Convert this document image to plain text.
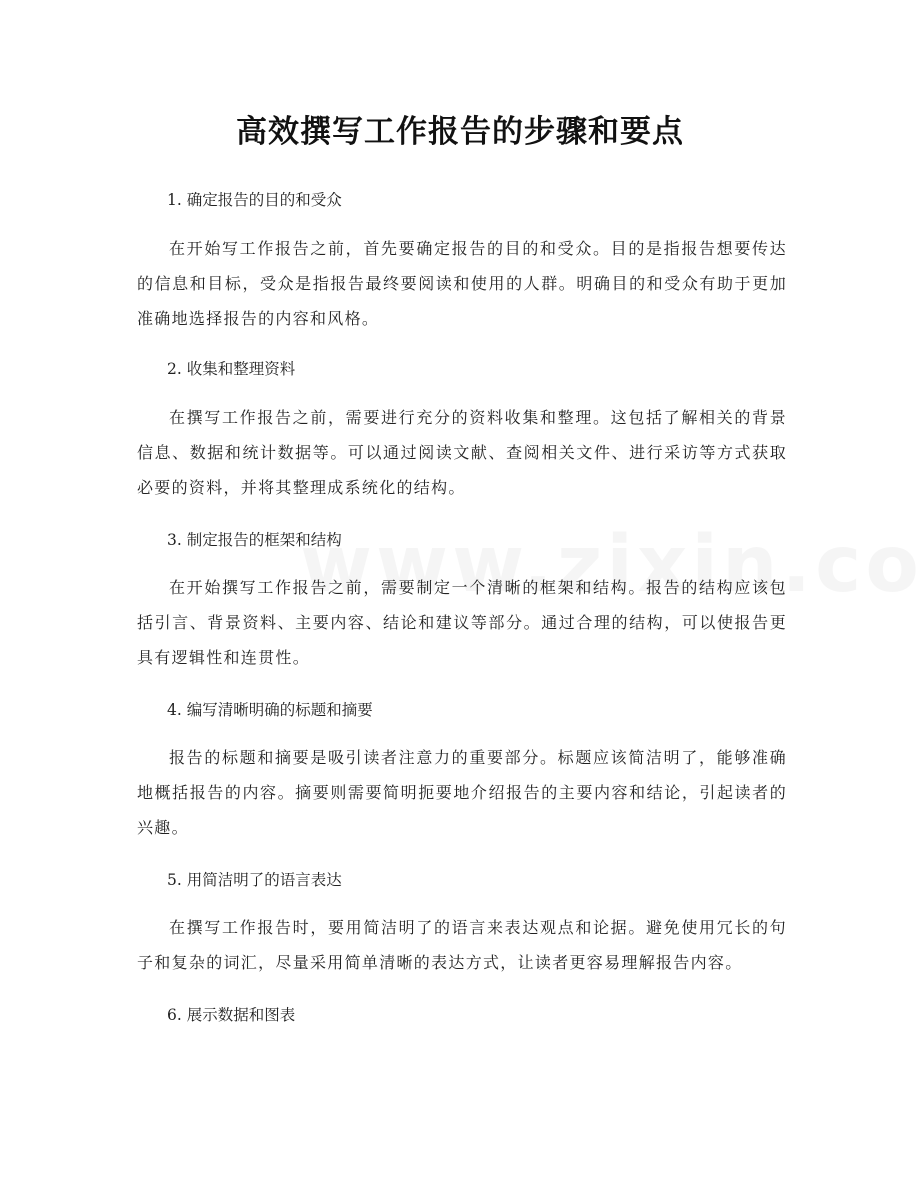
高效撰写工作报告的步骤和要点
1. 确定报告的目的和受众

在开始写工作报告之前，首先要确定报告的目的和受众。目的是指报告想要传达的信息和目标，受众是指报告最终要阅读和使用的人群。明确目的和受众有助于更加准确地选择报告的内容和风格。

2. 收集和整理资料

在撰写工作报告之前，需要进行充分的资料收集和整理。这包括了解相关的背景信息、数据和统计数据等。可以通过阅读文献、查阅相关文件、进行采访等方式获取必要的资料，并将其整理成系统化的结构。

3. 制定报告的框架和结构

在开始撰写工作报告之前，需要制定一个清晰的框架和结构。报告的结构应该包括引言、背景资料、主要内容、结论和建议等部分。通过合理的结构，可以使报告更具有逻辑性和连贯性。

4. 编写清晰明确的标题和摘要

报告的标题和摘要是吸引读者注意力的重要部分。标题应该简洁明了，能够准确地概括报告的内容。摘要则需要简明扼要地介绍报告的主要内容和结论，引起读者的兴趣。

5. 用简洁明了的语言表达

在撰写工作报告时，要用简洁明了的语言来表达观点和论据。避免使用冗长的句子和复杂的词汇，尽量采用简单清晰的表达方式，让读者更容易理解报告内容。

6. 展示数据和图表
